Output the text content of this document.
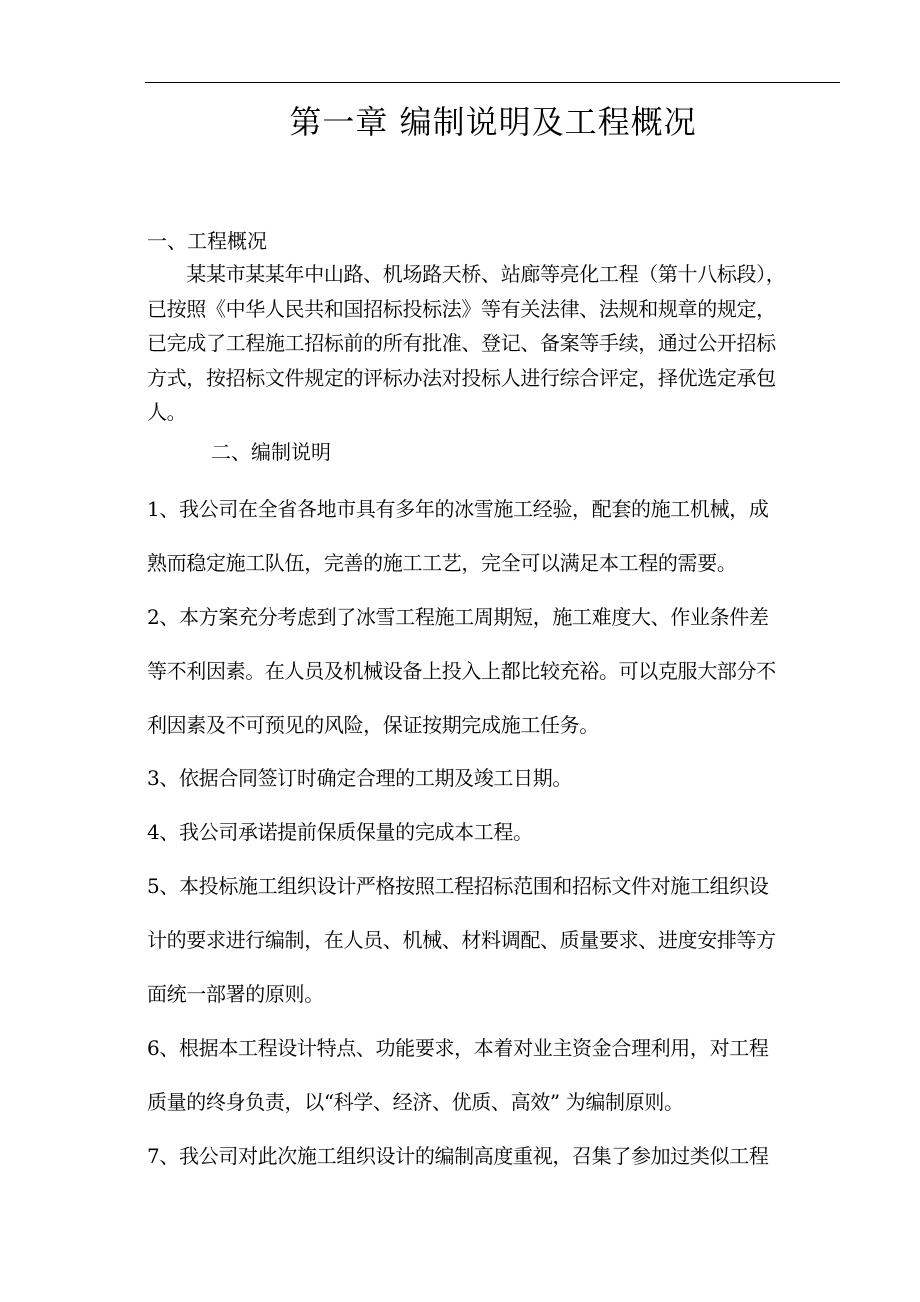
第一章 编制说明及工程概况
一、工程概况
　　某某市某某年中山路、机场路天桥、站廊等亮化工程（第十八标段），
已按照《中华人民共和国招标投标法》等有关法律、法规和规章的规定，
已完成了工程施工招标前的所有批准、登记、备案等手续，通过公开招标
方式，按招标文件规定的评标办法对投标人进行综合评定，择优选定承包
人。
二、编制说明
1、我公司在全省各地市具有多年的冰雪施工经验，配套的施工机械，成
熟而稳定施工队伍，完善的施工工艺，完全可以满足本工程的需要。
2、本方案充分考虑到了冰雪工程施工周期短，施工难度大、作业条件差
等不利因素。在人员及机械设备上投入上都比较充裕。可以克服大部分不
利因素及不可预见的风险，保证按期完成施工任务。
3、依据合同签订时确定合理的工期及竣工日期。
4、我公司承诺提前保质保量的完成本工程。
5、本投标施工组织设计严格按照工程招标范围和招标文件对施工组织设
计的要求进行编制，在人员、机械、材料调配、质量要求、进度安排等方
面统一部署的原则。
6、根据本工程设计特点、功能要求，本着对业主资金合理利用，对工程
质量的终身负责，以“科学、经济、优质、高效” 为编制原则。
7、我公司对此次施工组织设计的编制高度重视，召集了参加过类似工程
